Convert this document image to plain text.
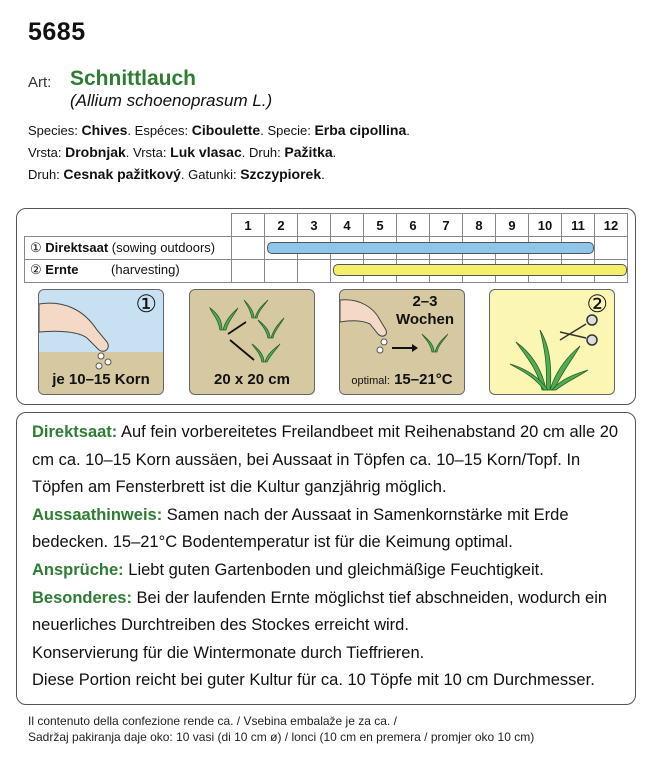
5685
Art: Schnittlauch
(Allium schoenoprasum L.)
Species: Chives. Espéces: Ciboulette. Specie: Erba cipollina.
Vrsta: Drobnjak. Vrsta: Luk vlasac. Druh: Pažitka.
Druh: Cesnak pažitkový. Gatunki: Szczypiorek.
	1	2	3	4	5	6	7	8	9	10	11	12

① Direktsaat (sowing outdoors)
② Ernte	(harvesting)
①
je 10–15 Korn	20 x 20 cm
2–3
Wochen
optimal: 15–21°C
②
Direktsaat: Auf fein vorbereitetes Freilandbeet mit Reihenabstand 20 cm alle 20 cm ca. 10–15 Korn aussäen, bei Aussaat in Töpfen ca. 10–15 Korn/Topf. In Töpfen am Fensterbrett ist die Kultur ganzjährig möglich.
Aussaathinweis: Samen nach der Aussaat in Samenkornstärke mit Erde bedecken. 15–21°C Bodentemperatur ist für die Keimung optimal.
Ansprüche: Liebt guten Gartenboden und gleichmäßige Feuchtigkeit.
Besonderes: Bei der laufenden Ernte möglichst tief abschneiden, wodurch ein neuerliches Durchtreiben des Stockes erreicht wird.
Konservierung für die Wintermonate durch Tieffrieren.
Diese Portion reicht bei guter Kultur für ca. 10 Töpfe mit 10 cm Durchmesser.
Il contenuto della confezione rende ca. / Vsebina embalaže je za ca. /
Sadržaj pakiranja daje oko: 10 vasi (di 10 cm ø) / lonci (10 cm en premera / promjer oko 10 cm)
